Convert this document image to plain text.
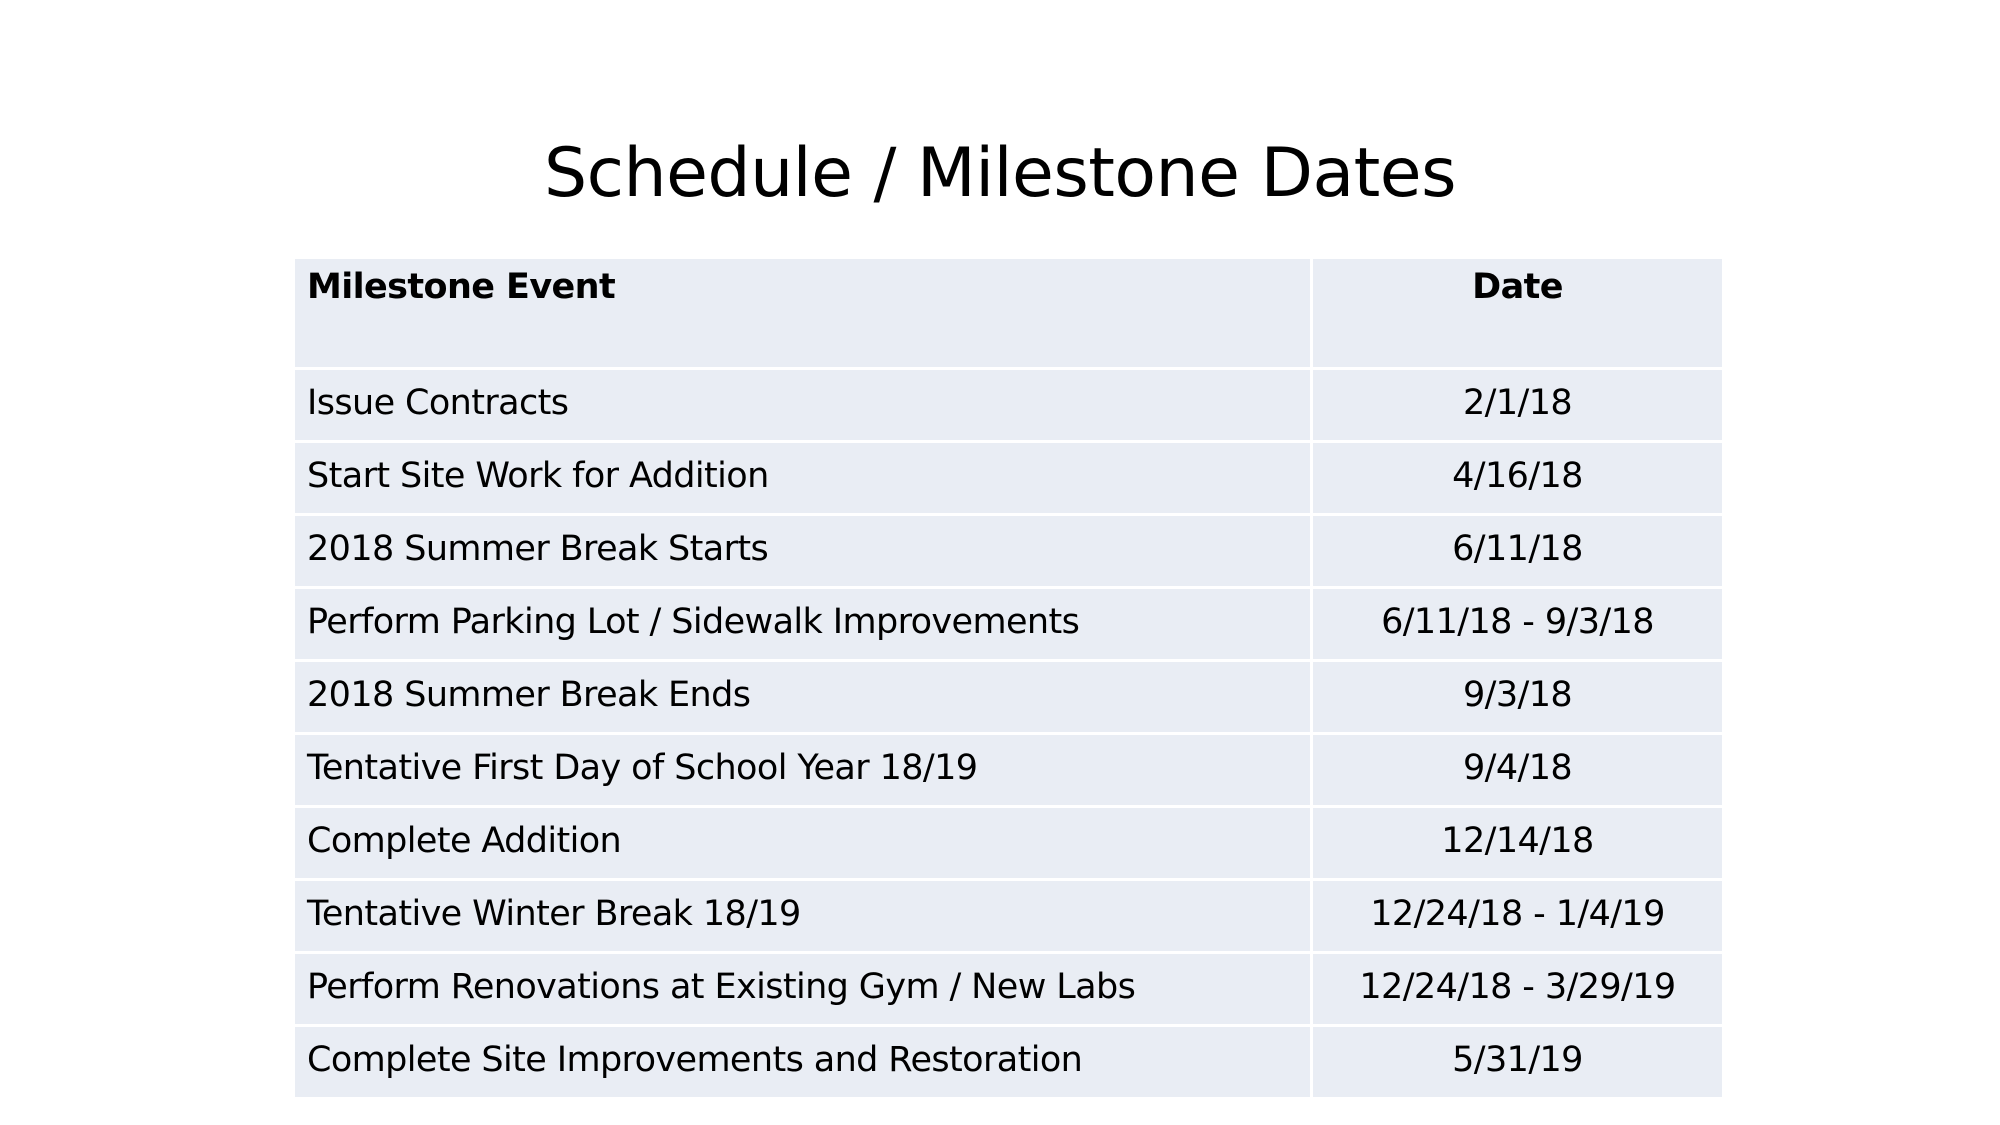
Schedule / Milestone Dates
Milestone Event	Date
Issue Contracts	2/1/18
Start Site Work for Addition	4/16/18
2018 Summer Break Starts	6/11/18
Perform Parking Lot / Sidewalk Improvements	6/11/18 - 9/3/18
2018 Summer Break Ends	9/3/18
Tentative First Day of School Year 18/19	9/4/18
Complete Addition	12/14/18
Tentative Winter Break 18/19	12/24/18 - 1/4/19
Perform Renovations at Existing Gym / New Labs	12/24/18 - 3/29/19
Complete Site Improvements and Restoration	5/31/19
